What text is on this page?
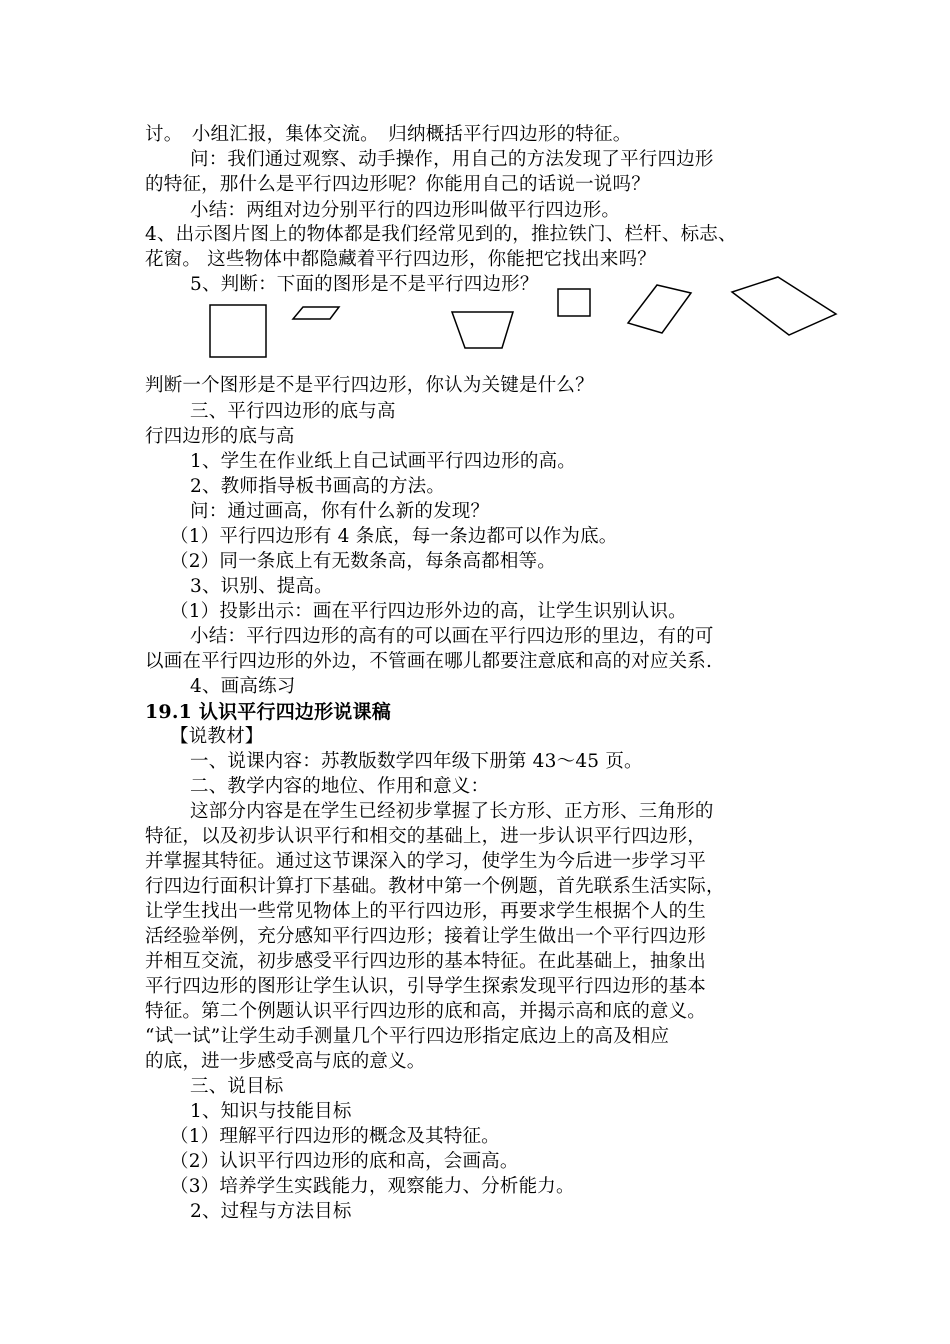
讨。　小组汇报，集体交流。　归纳概括平行四边形的特征。
问：我们通过观察、动手操作，用自己的方法发现了平行四边形
的特征，那什么是平行四边形呢？你能用自己的话说一说吗？
小结：两组对边分别平行的四边形叫做平行四边形。
4、出示图片图上的物体都是我们经常见到的，推拉铁门、栏杆、标志、
花窗。 这些物体中都隐藏着平行四边形，你能把它找出来吗？
5、判断：下面的图形是不是平行四边形？
判断一个图形是不是平行四边形，你认为关键是什么？
三、平行四边形的底与高
行四边形的底与高
1、学生在作业纸上自己试画平行四边形的高。
2、教师指导板书画高的方法。
问：通过画高，你有什么新的发现？
（1）平行四边形有 4 条底，每一条边都可以作为底。
（2）同一条底上有无数条高，每条高都相等。
3、识别、提高。
（1）投影出示：画在平行四边形外边的高，让学生识别认识。
小结：平行四边形的高有的可以画在平行四边形的里边，有的可
以画在平行四边形的外边，不管画在哪儿都要注意底和高的对应关系.
4、画高练习
19.1 认识平行四边形说课稿
【说教材】
一、说课内容：苏教版数学四年级下册第 43～45 页。
二、教学内容的地位、作用和意义：
这部分内容是在学生已经初步掌握了长方形、正方形、三角形的
特征，以及初步认识平行和相交的基础上，进一步认识平行四边形，
并掌握其特征。通过这节课深入的学习，使学生为今后进一步学习平
行四边行面积计算打下基础。教材中第一个例题，首先联系生活实际，
让学生找出一些常见物体上的平行四边形，再要求学生根据个人的生
活经验举例，充分感知平行四边形；接着让学生做出一个平行四边形
并相互交流，初步感受平行四边形的基本特征。在此基础上，抽象出
平行四边形的图形让学生认识，引导学生探索发现平行四边形的基本
特征。第二个例题认识平行四边形的底和高，并揭示高和底的意义。
“试一试”让学生动手测量几个平行四边形指定底边上的高及相应
的底，进一步感受高与底的意义。
三、说目标
1、知识与技能目标
（1）理解平行四边形的概念及其特征。
（2）认识平行四边形的底和高，会画高。
（3）培养学生实践能力，观察能力、分析能力。
2、过程与方法目标
